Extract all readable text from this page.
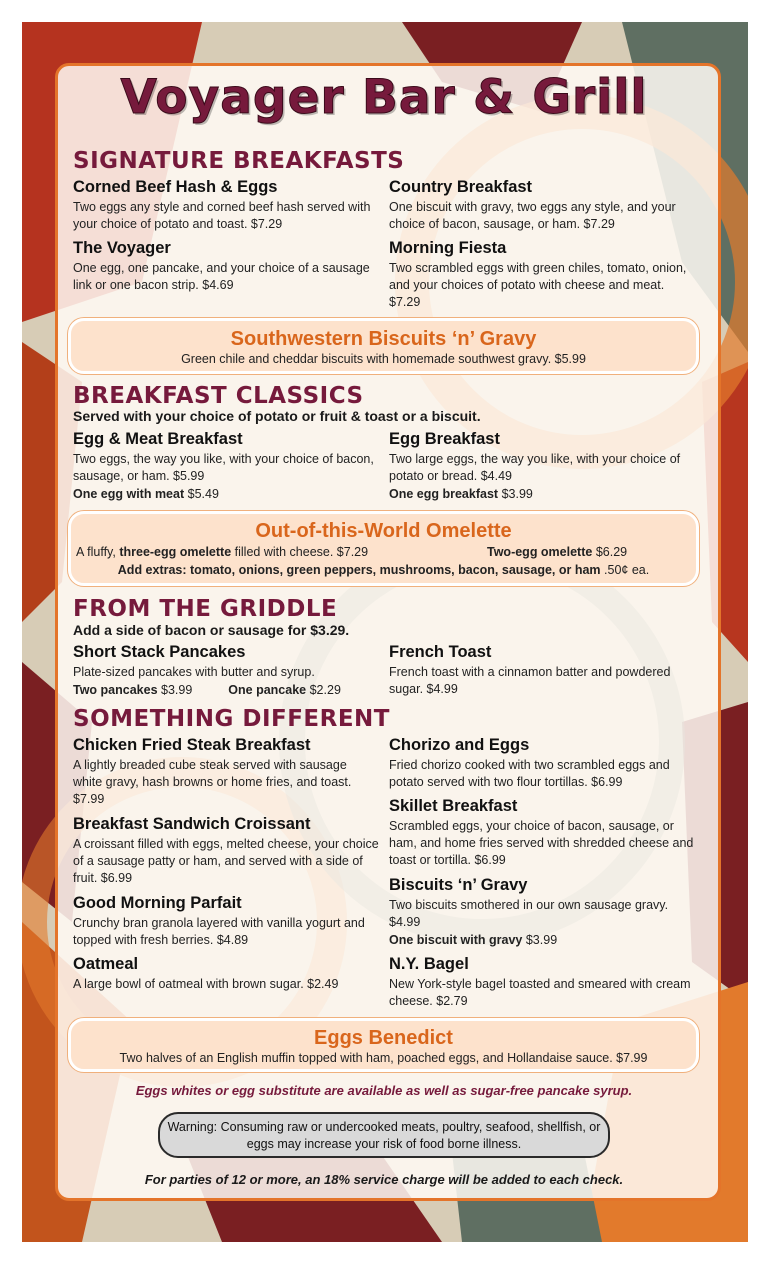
Voyager Bar & Grill
SIGNATURE BREAKFASTS
Corned Beef Hash & Eggs
Two eggs any style and corned beef hash served with your choice of potato and toast. $7.29
Country Breakfast
One biscuit with gravy, two eggs any style, and your choice of bacon, sausage, or ham. $7.29
The Voyager
One egg, one pancake, and your choice of a sausage link or one bacon strip. $4.69
Morning Fiesta
Two scrambled eggs with green chiles, tomato, onion, and your choices of potato with cheese and meat. $7.29
Southwestern Biscuits ‘n’ Gravy
Green chile and cheddar biscuits with homemade southwest gravy. $5.99
BREAKFAST CLASSICS
Served with your choice of potato or fruit & toast or a biscuit.
Egg & Meat Breakfast
Two eggs, the way you like, with your choice of bacon, sausage, or ham. $5.99
One egg with meat $5.49
Egg Breakfast
Two large eggs, the way you like, with your choice of potato or bread. $4.49
One egg breakfast $3.99
Out-of-this-World Omelette
A fluffy, three-egg omelette filled with cheese. $7.29	Two-egg omelette $6.29
Add extras: tomato, onions, green peppers, mushrooms, bacon, sausage, or ham .50¢ ea.
FROM THE GRIDDLE
Add a side of bacon or sausage for $3.29.
Short Stack Pancakes
Plate-sized pancakes with butter and syrup.
Two pancakes $3.99	One pancake $2.29
French Toast
French toast with a cinnamon batter and powdered sugar. $4.99
SOMETHING DIFFERENT
Chicken Fried Steak Breakfast
A lightly breaded cube steak served with sausage white gravy, hash browns or home fries, and toast. $7.99
Chorizo and Eggs
Fried chorizo cooked with two scrambled eggs and potato served with two flour tortillas. $6.99
Skillet Breakfast
Scrambled eggs, your choice of bacon, sausage, or ham, and home fries served with shredded cheese and toast or tortilla. $6.99
Breakfast Sandwich Croissant
A croissant filled with eggs, melted cheese, your choice of a sausage patty or ham, and served with a side of fruit. $6.99	Biscuits ‘n’ Gravy
Two biscuits smothered in our own sausage gravy. $4.99
One biscuit with gravy $3.99
Good Morning Parfait
Crunchy bran granola layered with vanilla yogurt and topped with fresh berries. $4.89
Oatmeal
A large bowl of oatmeal with brown sugar. $2.49
N.Y. Bagel
New York-style bagel toasted and smeared with cream cheese. $2.79
Eggs Benedict
Two halves of an English muffin topped with ham, poached eggs, and Hollandaise sauce. $7.99
Eggs whites or egg substitute are available as well as sugar-free pancake syrup.
Warning: Consuming raw or undercooked meats, poultry, seafood, shellfish, or eggs may increase your risk of food borne illness.
For parties of 12 or more, an 18% service charge will be added to each check.
